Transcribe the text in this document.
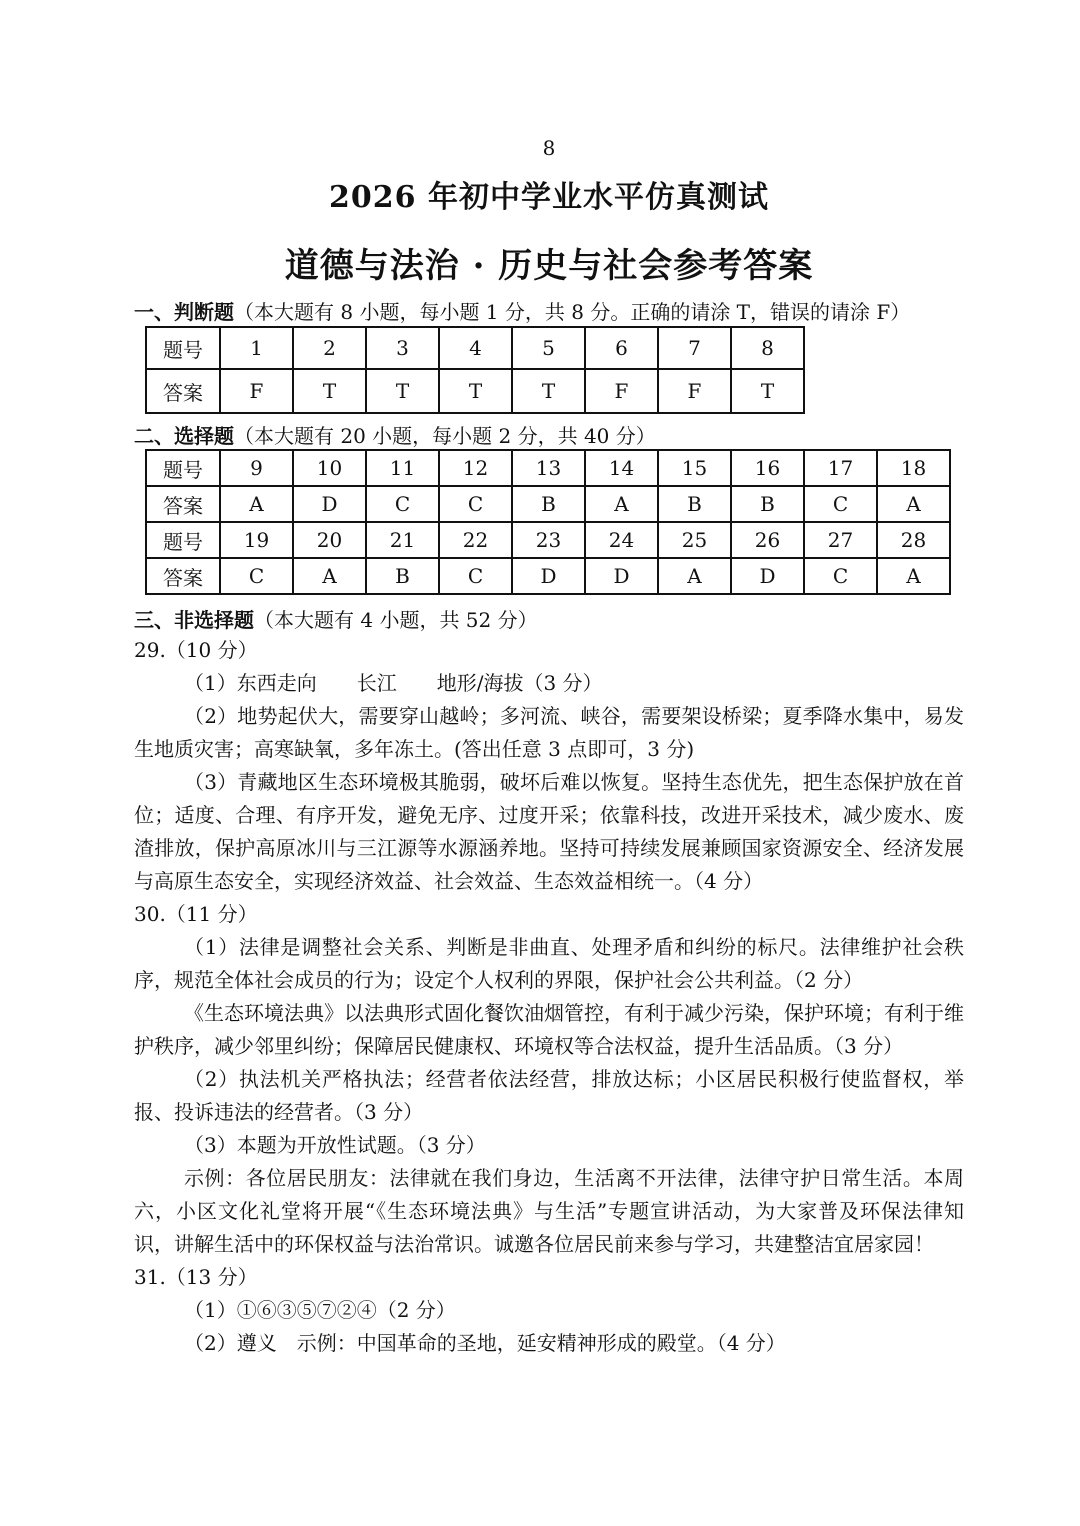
8
2026 年初中学业水平仿真测试
道德与法治 · 历史与社会参考答案
一、判断题（本大题有 8 小题，每小题 1 分，共 8 分。正确的请涂 T，错误的请涂 F）
题号	1	2	3	4	5	6	7	8
答案	F	T	T	T	T	F	F	T
二、选择题（本大题有 20 小题，每小题 2 分，共 40 分）
题号	9	10	11	12	13	14	15	16	17	18
答案	A	D	C	C	B	A	B	B	C	A
题号	19	20	21	22	23	24	25	26	27	28
答案	C	A	B	C	D	D	A	D	C	A
三、非选择题（本大题有 4 小题，共 52 分）
29.（10 分）
（1）东西走向　　长江　　地形/海拔（3 分）
（2）地势起伏大，需要穿山越岭；多河流、峡谷，需要架设桥梁；夏季降水集中，易发生地质灾害；高寒缺氧，多年冻土。(答出任意 3 点即可，3 分)
（3）青藏地区生态环境极其脆弱，破坏后难以恢复。坚持生态优先，把生态保护放在首位；适度、合理、有序开发，避免无序、过度开采；依靠科技，改进开采技术，减少废水、废渣排放，保护高原冰川与三江源等水源涵养地。坚持可持续发展兼顾国家资源安全、经济发展与高原生态安全，实现经济效益、社会效益、生态效益相统一。（4 分）
30.（11 分）
（1）法律是调整社会关系、判断是非曲直、处理矛盾和纠纷的标尺。法律维护社会秩序，规范全体社会成员的行为；设定个人权利的界限，保护社会公共利益。（2 分）
《生态环境法典》以法典形式固化餐饮油烟管控，有利于减少污染，保护环境；有利于维护秩序，减少邻里纠纷；保障居民健康权、环境权等合法权益，提升生活品质。（3 分）
（2）执法机关严格执法；经营者依法经营，排放达标；小区居民积极行使监督权，举报、投诉违法的经营者。（3 分）
（3）本题为开放性试题。（3 分）
示例：各位居民朋友：法律就在我们身边，生活离不开法律，法律守护日常生活。本周六，小区文化礼堂将开展“《生态环境法典》与生活”专题宣讲活动，为大家普及环保法律知识，讲解生活中的环保权益与法治常识。诚邀各位居民前来参与学习，共建整洁宜居家园！
31.（13 分）
（1）①⑥③⑤⑦②④（2 分）
（2）遵义　示例：中国革命的圣地，延安精神形成的殿堂。（4 分）
